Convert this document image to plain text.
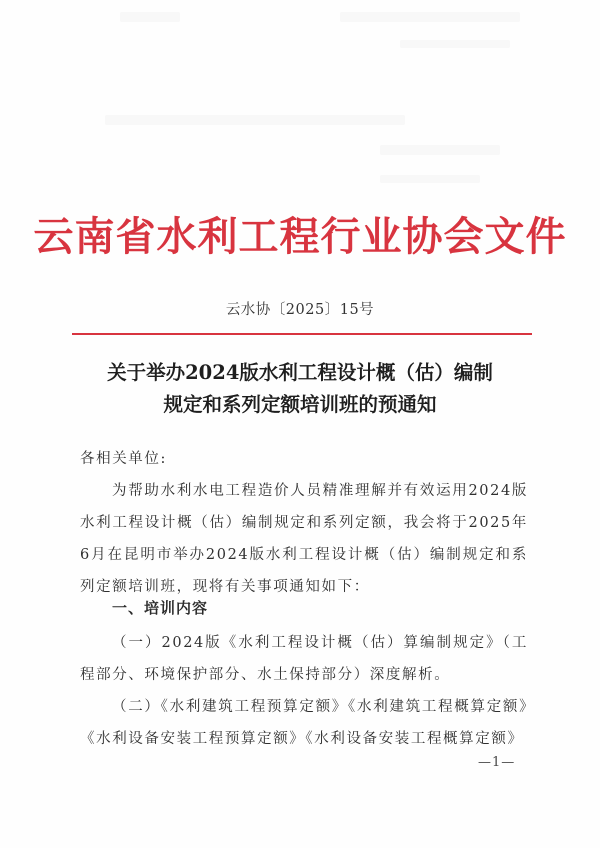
云南省水利工程行业协会文件
云水协〔2025〕15号
关于举办2024版水利工程设计概（估）编制
规定和系列定额培训班的预通知
各相关单位:
为帮助水利水电工程造价人员精准理解并有效运用2024版水利工程设计概（估）编制规定和系列定额，我会将于2025年6月在昆明市举办2024版水利工程设计概（估）编制规定和系列定额培训班，现将有关事项通知如下：
一、培训内容
（一）2024版《水利工程设计概（估）算编制规定》（工程部分、环境保护部分、水土保持部分）深度解析。
（二）《水利建筑工程预算定额》《水利建筑工程概算定额》《水利设备安装工程预算定额》《水利设备安装工程概算定额》
—1—
